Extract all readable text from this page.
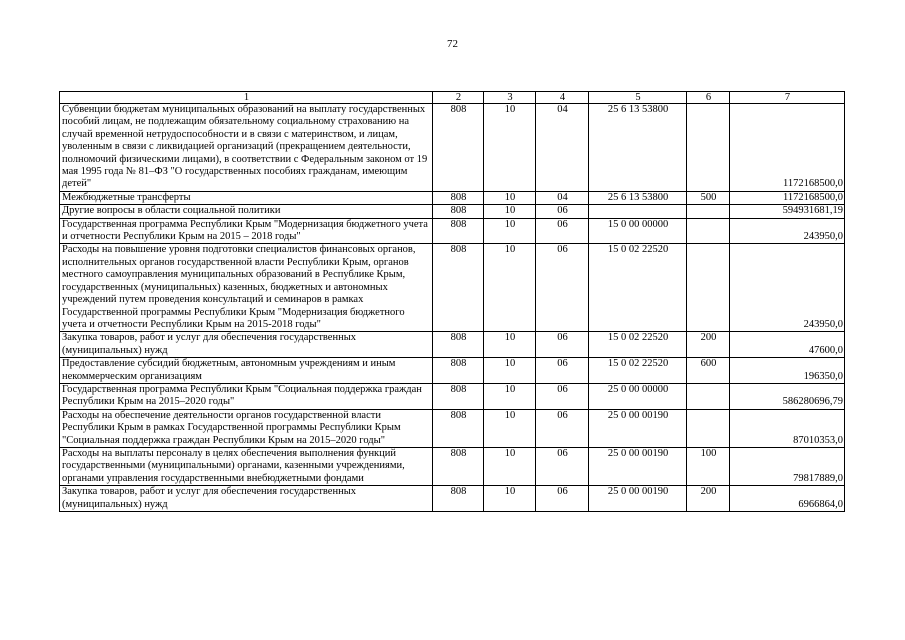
72
1	2	3	4	5	6	7
Субвенции бюджетам муниципальных образований на выплату государственных пособий лицам, не подлежащим обязательному социальному страхованию на случай временной нетрудоспособности и в связи с материнством, и лицам, уволенным в связи с ликвидацией организаций (прекращением деятельности, полномочий физическими лицами), в соответствии с Федеральным законом от 19 мая 1995 года № 81–ФЗ "О государственных пособиях гражданам, имеющим детей"	808	10	04	25 6 13 53800		1172168500,0
Межбюджетные трансферты	808	10	04	25 6 13 53800	500	1172168500,0
Другие вопросы в области социальной политики	808	10	06			594931681,19
Государственная программа Республики Крым "Модернизация бюджетного учета и отчетности Республики Крым на 2015 – 2018 годы"	808	10	06	15 0 00 00000		243950,0
Расходы на повышение уровня подготовки специалистов финансовых органов, исполнительных органов государственной власти Республики Крым, органов местного самоуправления муниципальных образований в Республике Крым, государственных (муниципальных) казенных, бюджетных и автономных учреждений путем проведения консультаций и семинаров в рамках Государственной программы Республики Крым "Модернизация бюджетного учета и отчетности Республики Крым на 2015-2018 годы"	808	10	06	15 0 02 22520		243950,0
Закупка товаров, работ и услуг для обеспечения государственных (муниципальных) нужд	808	10	06	15 0 02 22520	200	47600,0
Предоставление субсидий бюджетным, автономным учреждениям и иным некоммерческим организациям	808	10	06	15 0 02 22520	600	196350,0
Государственная программа Республики Крым "Социальная поддержка граждан Республики Крым на 2015–2020 годы"	808	10	06	25 0 00 00000		586280696,79
Расходы на обеспечение деятельности органов государственной власти Республики Крым в рамках Государственной программы Республики Крым "Социальная поддержка граждан Республики Крым на 2015–2020 годы"	808	10	06	25 0 00 00190		87010353,0
Расходы на выплаты персоналу в целях обеспечения выполнения функций государственными (муниципальными) органами, казенными учреждениями, органами управления государственными внебюджетными фондами	808	10	06	25 0 00 00190	100	79817889,0
Закупка товаров, работ и услуг для обеспечения государственных (муниципальных) нужд	808	10	06	25 0 00 00190	200	6966864,0
